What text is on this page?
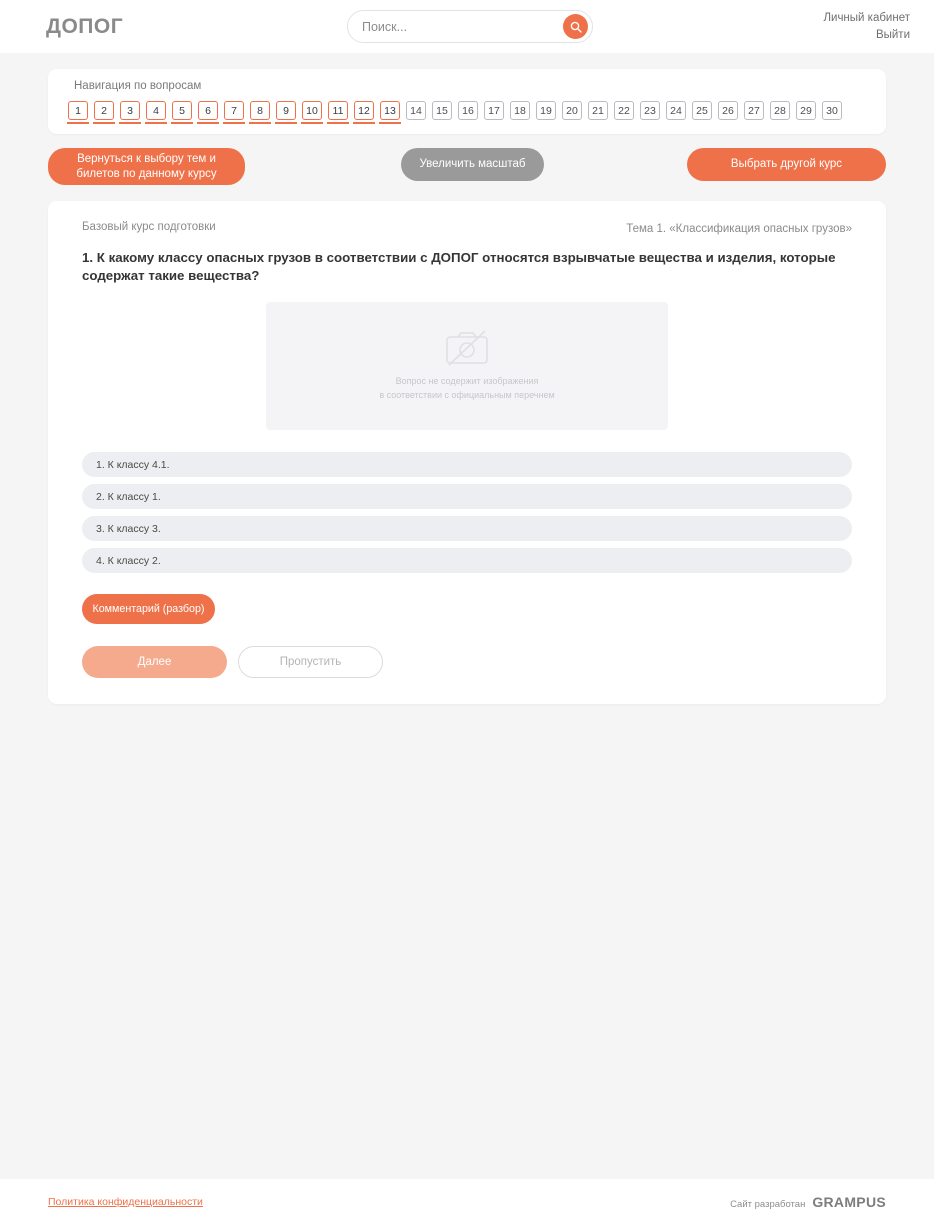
ДОПОГ
Поиск...	Личный кабинет
Выйти
Навигация по вопросам
1	2	3	4	5	6	7	8	9	10	11	12	13	14	15	16	17	18	19	20	21	22	23	24	25	26	27	28	29	30
Вернуться к выбору тем и билетов по данному курсу
Увеличить масштаб	Выбрать другой курс
Базовый курс подготовки	Тема 1. «Классификация опасных грузов»
1. К какому классу опасных грузов в соответствии с ДОПОГ относятся взрывчатые вещества и изделия, которые содержат такие вещества?
Вопрос не содержит изображения
в соответствии с официальным перечнем
1. К классу 4.1.
2. К классу 1.
3. К классу 3.
4. К классу 2.
Комментарий (разбор)
Далее	Пропустить
Политика конфиденциальности	Сайт разработан GRAMPUS
